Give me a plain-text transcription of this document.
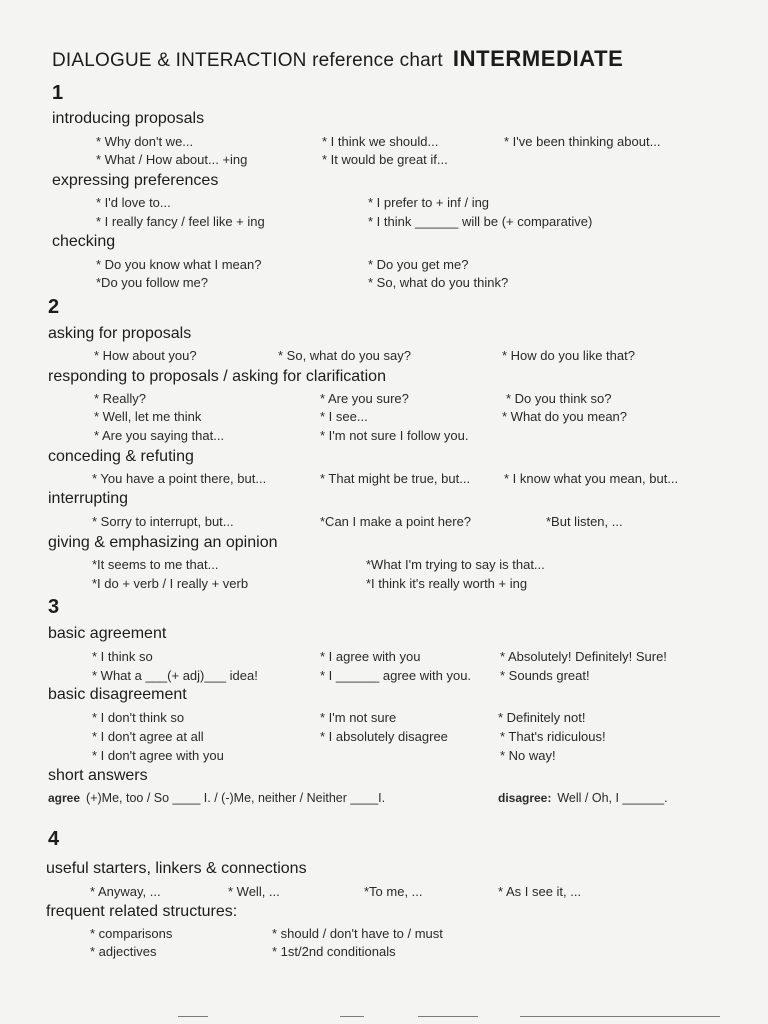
DIALOGUE & INTERACTION reference chart INTERMEDIATE
1
introducing proposals
* Why don't we...	* I think we should...	* I've been thinking about...
* What / How about... +ing	* It would be great if...
expressing preferences
* I'd love to...	* I prefer to + inf / ing
* I really fancy / feel like + ing	* I think ______ will be (+ comparative)
checking
* Do you know what I mean?	* Do you get me?
*Do you follow me?	* So, what do you think?
2
asking for proposals
* How about you?	* So, what do you say?	* How do you like that?
responding to proposals / asking for clarification
* Really?	* Are you sure?	* Do you think so?
* Well, let me think	* I see...	* What do you mean?
* Are you saying that...	* I'm not sure I follow you.
conceding & refuting
* You have a point there, but...	* That might be true, but...	* I know what you mean, but...
interrupting
* Sorry to interrupt, but...	*Can I make a point here?	*But listen, ...
giving & emphasizing an opinion
*It seems to me that...	*What I'm trying to say is that...
*I do + verb / I really + verb	*I think it's really worth + ing
3
basic agreement
* I think so	* I agree with you	* Absolutely! Definitely! Sure!
* What a ___(+ adj)___ idea!	* I ______ agree with you. * Sounds great!
basic disagreement
* I don't think so	* I'm not sure	* Definitely not!
* I don't agree at all	* I absolutely disagree	* That's ridiculous!
* I don't agree with you	* No way!
short answers
agree (+)Me, too / So ____ I. / (-)Me, neither / Neither ____I.	disagree: Well / Oh, I ______.
4
useful starters, linkers & connections
* Anyway, ...	* Well, ...	*To me, ...	* As I see it, ...
frequent related structures:
* comparisons	* should / don't have to / must
* adjectives	* 1st/2nd conditionals
